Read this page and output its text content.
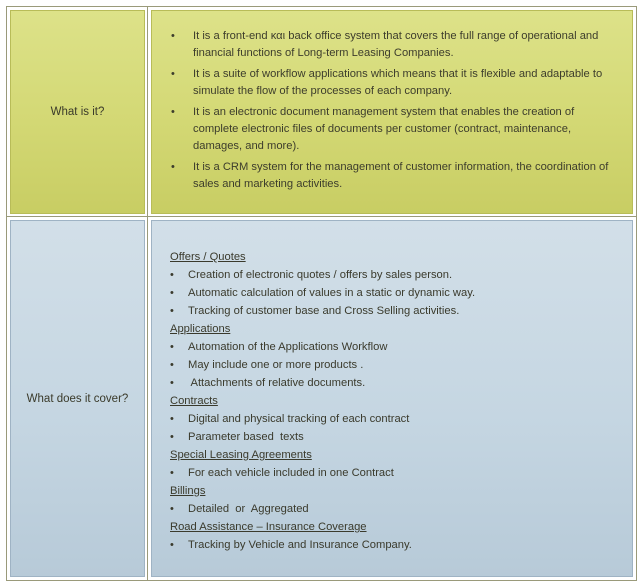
What is it?
• It is a front-end και back office system that covers the full range of operational and financial functions of Long-term Leasing Companies.
• It is a suite of workflow applications which means that it is flexible and adaptable to simulate the flow of the processes of each company.
• It is an electronic document management system that enables the creation of complete electronic files of documents per customer (contract, maintenance, damages, and more).
• It is a CRM system for the management of customer information, the coordination of sales and marketing activities.
What does it cover?
Offers / Quotes
• Creation of electronic quotes / offers by sales person.
• Automatic calculation of values in a static or dynamic way.
• Tracking of customer base and Cross Selling activities.
Applications
• Automation of the Applications Workflow
• May include one or more products .
• Attachments of relative documents.
Contracts
• Digital and physical tracking of each contract
• Parameter based  texts
Special Leasing Agreements
• For each vehicle included in one Contract
Billings
• Detailed  or  Aggregated
Road Assistance – Insurance Coverage
• Tracking by Vehicle and Insurance Company.
